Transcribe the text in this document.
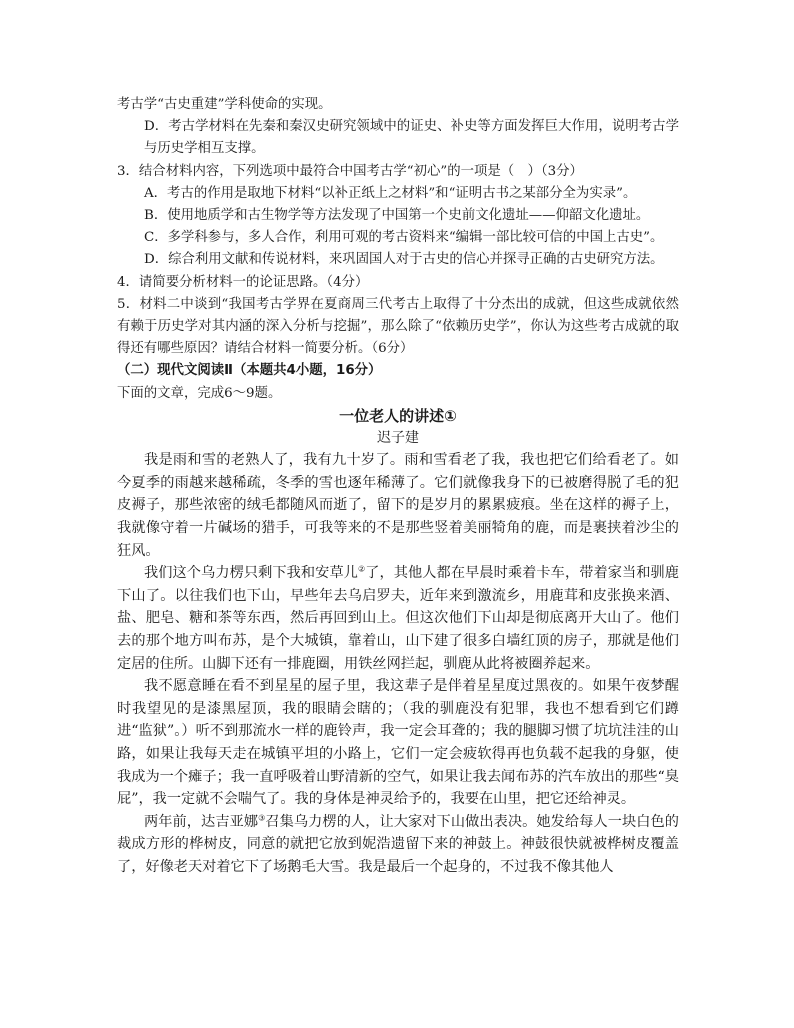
考古学“古史重建”学科使命的实现。

D．考古学材料在先秦和秦汉史研究领域中的证史、补史等方面发挥巨大作用，说明考古学与历史学相互支撑。

3．结合材料内容，下列选项中最符合中国考古学“初心”的一项是（　）（3分）

A．考古的作用是取地下材料“以补正纸上之材料”和“证明古书之某部分全为实录”。

B．使用地质学和古生物学等方法发现了中国第一个史前文化遗址——仰韶文化遗址。

C．多学科参与，多人合作，利用可观的考古资料来“编辑一部比较可信的中国上古史”。

D．综合利用文献和传说材料，来巩固国人对于古史的信心并探寻正确的古史研究方法。

4．请简要分析材料一的论证思路。（4分）

5．材料二中谈到“我国考古学界在夏商周三代考古上取得了十分杰出的成就，但这些成就依然有赖于历史学对其内涵的深入分析与挖掘”，那么除了“依赖历史学”，你认为这些考古成就的取得还有哪些原因？请结合材料一简要分析。（6分）

（二）现代文阅读Ⅱ（本题共4小题，16分）

下面的文章，完成6～9题。

一位老人的讲述①

迟子建

我是雨和雪的老熟人了，我有九十岁了。雨和雪看老了我，我也把它们给看老了。如今夏季的雨越来越稀疏，冬季的雪也逐年稀薄了。它们就像我身下的已被磨得脱了毛的犯皮褥子，那些浓密的绒毛都随风而逝了，留下的是岁月的累累疲痕。坐在这样的褥子上，我就像守着一片碱场的猎手，可我等来的不是那些竖着美丽犄角的鹿，而是裹挟着沙尘的狂风。

我们这个乌力楞只剩下我和安草儿②了，其他人都在早晨时乘着卡车，带着家当和驯鹿下山了。以往我们也下山，早些年去乌启罗夫，近年来到激流乡，用鹿茸和皮张换来酒、盐、肥皂、糖和茶等东西，然后再回到山上。但这次他们下山却是彻底离开大山了。他们去的那个地方叫布苏，是个大城镇，靠着山，山下建了很多白墙红顶的房子，那就是他们定居的住所。山脚下还有一排鹿圈，用铁丝网拦起，驯鹿从此将被圈养起来。

我不愿意睡在看不到星星的屋子里，我这辈子是伴着星星度过黑夜的。如果午夜梦醒时我望见的是漆黑屋顶，我的眼睛会瞎的；（我的驯鹿没有犯罪，我也不想看到它们蹲进“监狱”。）听不到那流水一样的鹿铃声，我一定会耳聋的；我的腿脚习惯了坑坑洼洼的山路，如果让我每天走在城镇平坦的小路上，它们一定会疲软得再也负载不起我的身躯，使我成为一个瘫子；我一直呼吸着山野清新的空气，如果让我去闻布苏的汽车放出的那些“臭屁”，我一定就不会喘气了。我的身体是神灵给予的，我要在山里，把它还给神灵。

两年前，达吉亚娜③召集乌力楞的人，让大家对下山做出表决。她发给每人一块白色的裁成方形的桦树皮，同意的就把它放到妮浩遗留下来的神鼓上。神鼓很快就被桦树皮覆盖了，好像老天对着它下了场鹅毛大雪。我是最后一个起身的，不过我不像其他人
